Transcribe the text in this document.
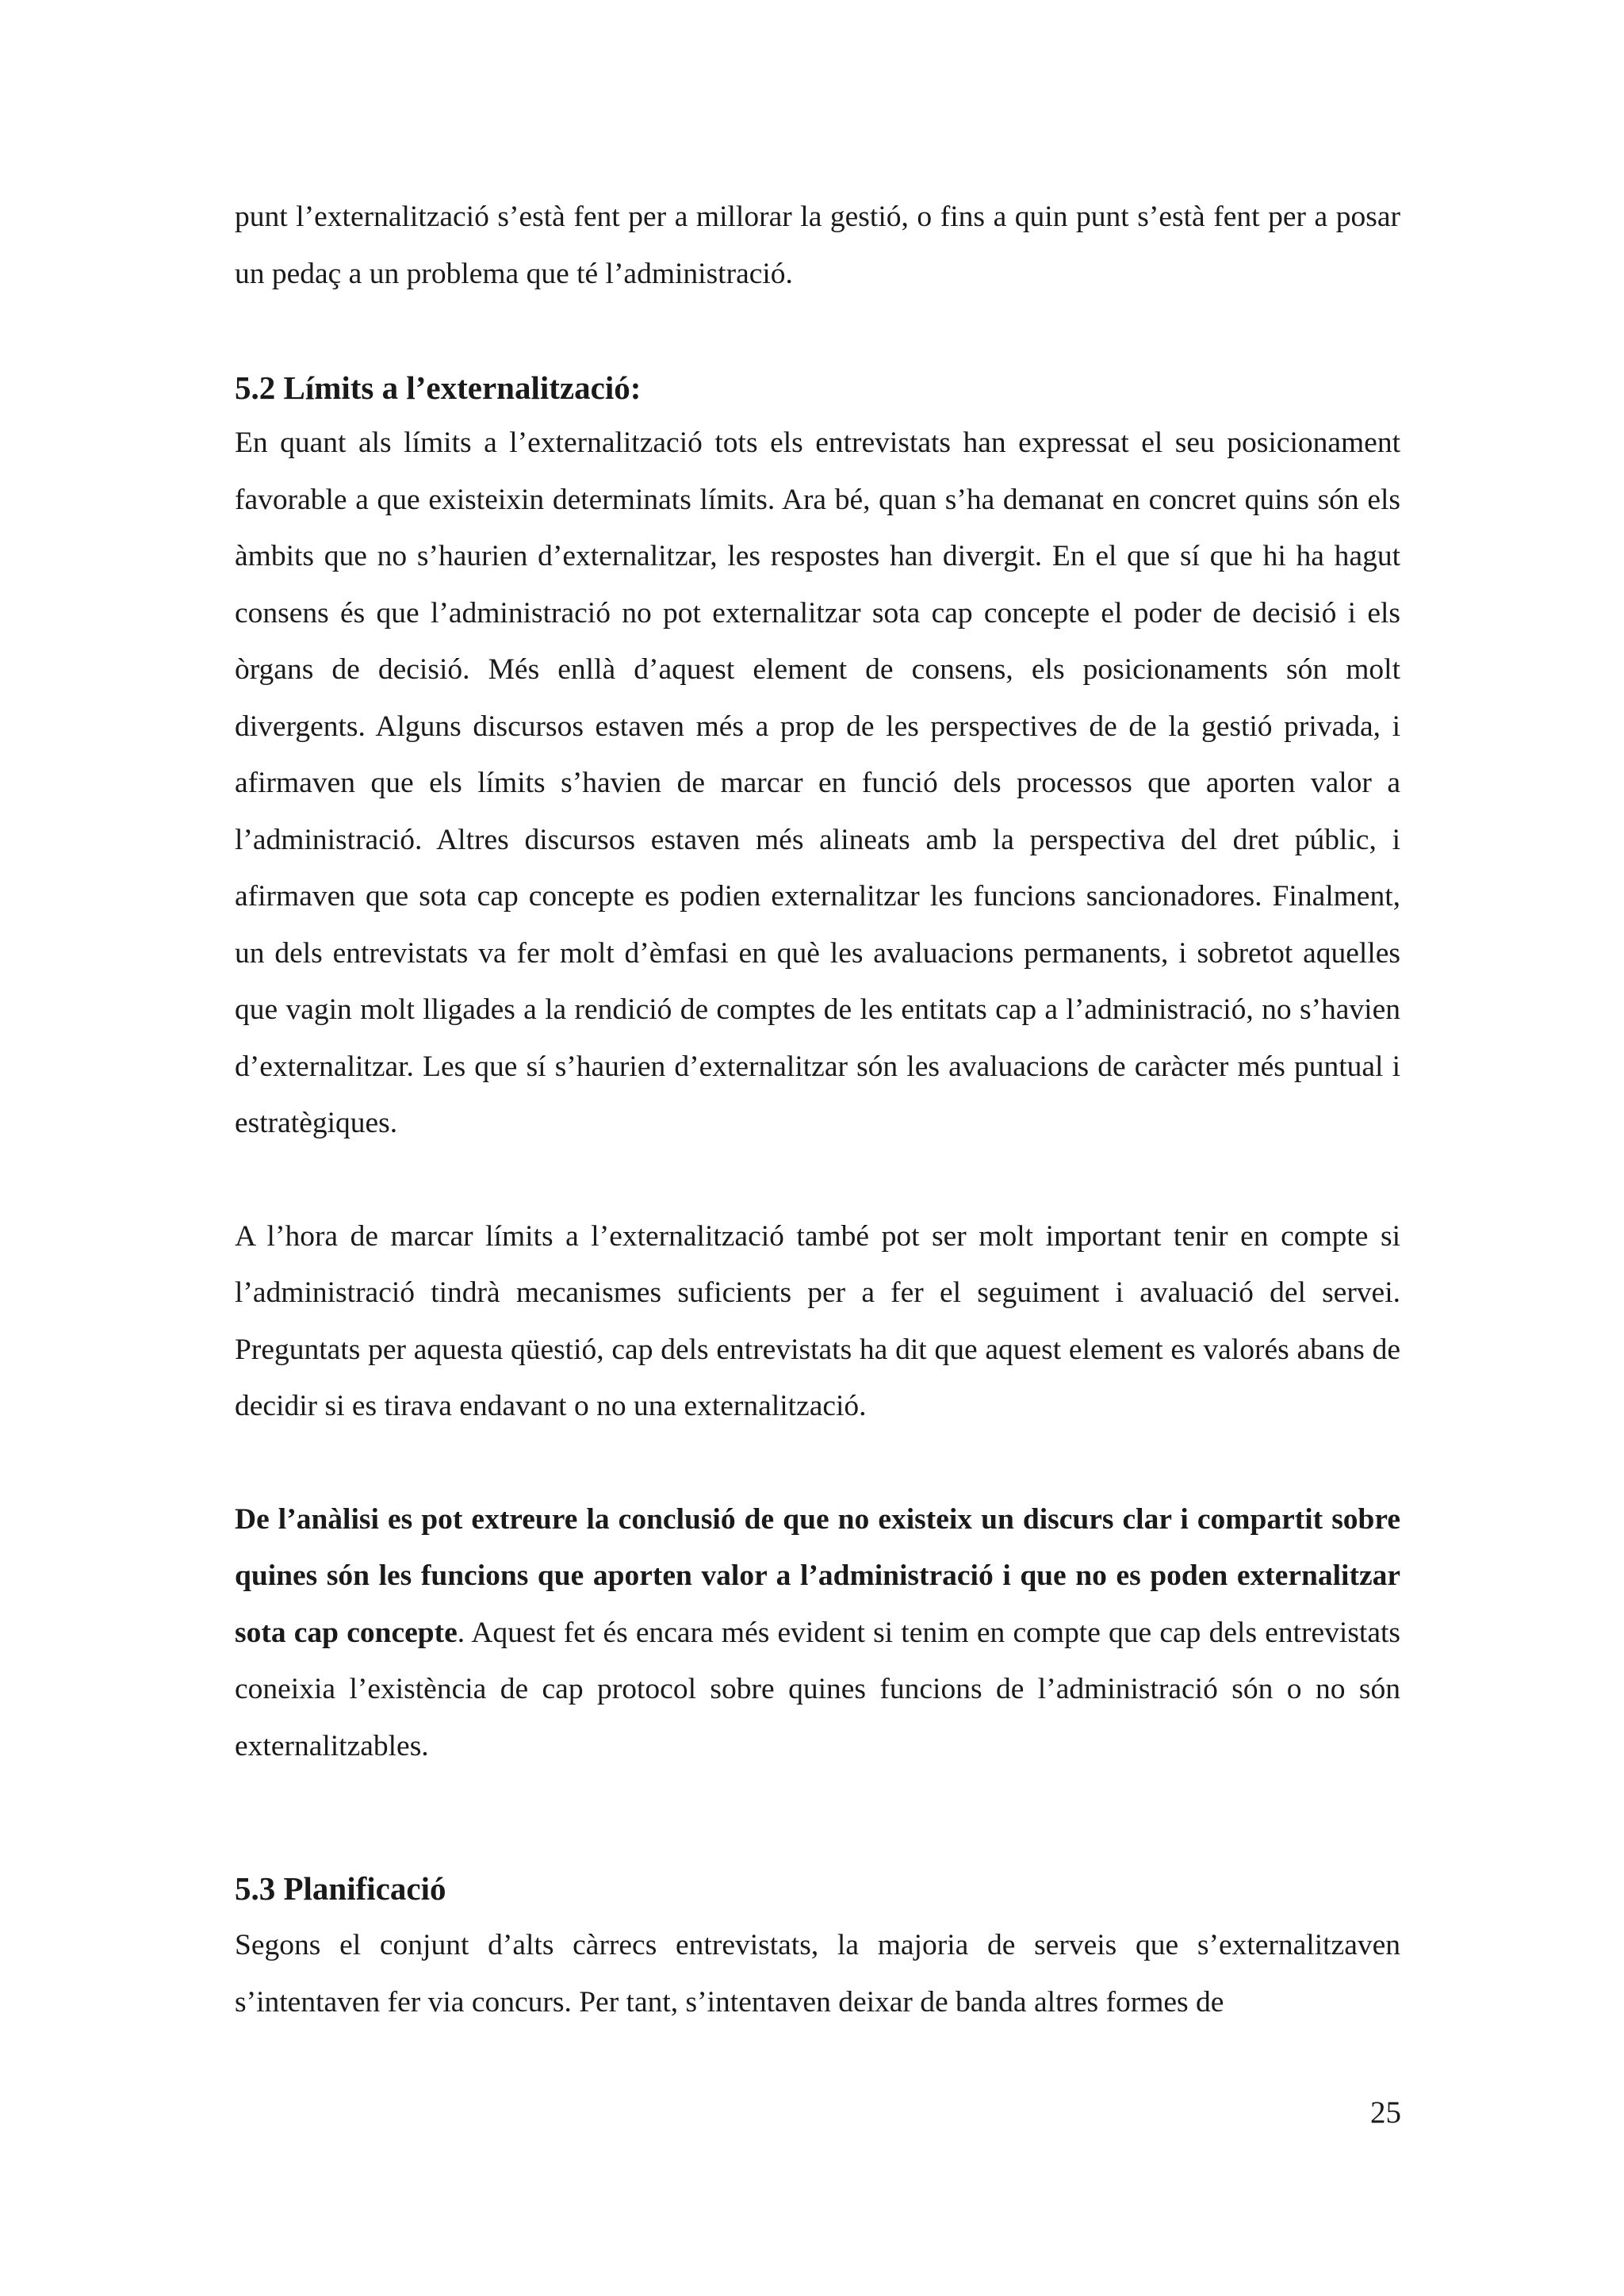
punt l’externalització s’està fent per a millorar la gestió, o fins a quin punt s’està fent per a posar un pedaç a un problema que té l’administració.

5.2 Límits a l’externalització:

En quant als límits a l’externalització tots els entrevistats han expressat el seu posicionament favorable a que existeixin determinats límits. Ara bé, quan s’ha demanat en concret quins són els àmbits que no s’haurien d’externalitzar, les respostes han divergit. En el que sí que hi ha hagut consens és que l’administració no pot externalitzar sota cap concepte el poder de decisió i els òrgans de decisió. Més enllà d’aquest element de consens, els posicionaments són molt divergents. Alguns discursos estaven més a prop de les perspectives de de la gestió privada, i afirmaven que els límits s’havien de marcar en funció dels processos que aporten valor a l’administració. Altres discursos estaven més alineats amb la perspectiva del dret públic, i afirmaven que sota cap concepte es podien externalitzar les funcions sancionadores. Finalment, un dels entrevistats va fer molt d’èmfasi en què les avaluacions permanents, i sobretot aquelles que vagin molt lligades a la rendició de comptes de les entitats cap a l’administració, no s’havien d’externalitzar. Les que sí s’haurien d’externalitzar són les avaluacions de caràcter més puntual i estratègiques.

A l’hora de marcar límits a l’externalització també pot ser molt important tenir en compte si l’administració tindrà mecanismes suficients per a fer el seguiment i avaluació del servei. Preguntats per aquesta qüestió, cap dels entrevistats ha dit que aquest element es valorés abans de decidir si es tirava endavant o no una externalització.

De l’anàlisi es pot extreure la conclusió de que no existeix un discurs clar i compartit sobre quines són les funcions que aporten valor a l’administració i que no es poden externalitzar sota cap concepte. Aquest fet és encara més evident si tenim en compte que cap dels entrevistats coneixia l’existència de cap protocol sobre quines funcions de l’administració són o no són externalitzables.

5.3 Planificació

Segons el conjunt d’alts càrrecs entrevistats, la majoria de serveis que s’externalitzaven s’intentaven fer via concurs. Per tant, s’intentaven deixar de banda altres formes de

25
